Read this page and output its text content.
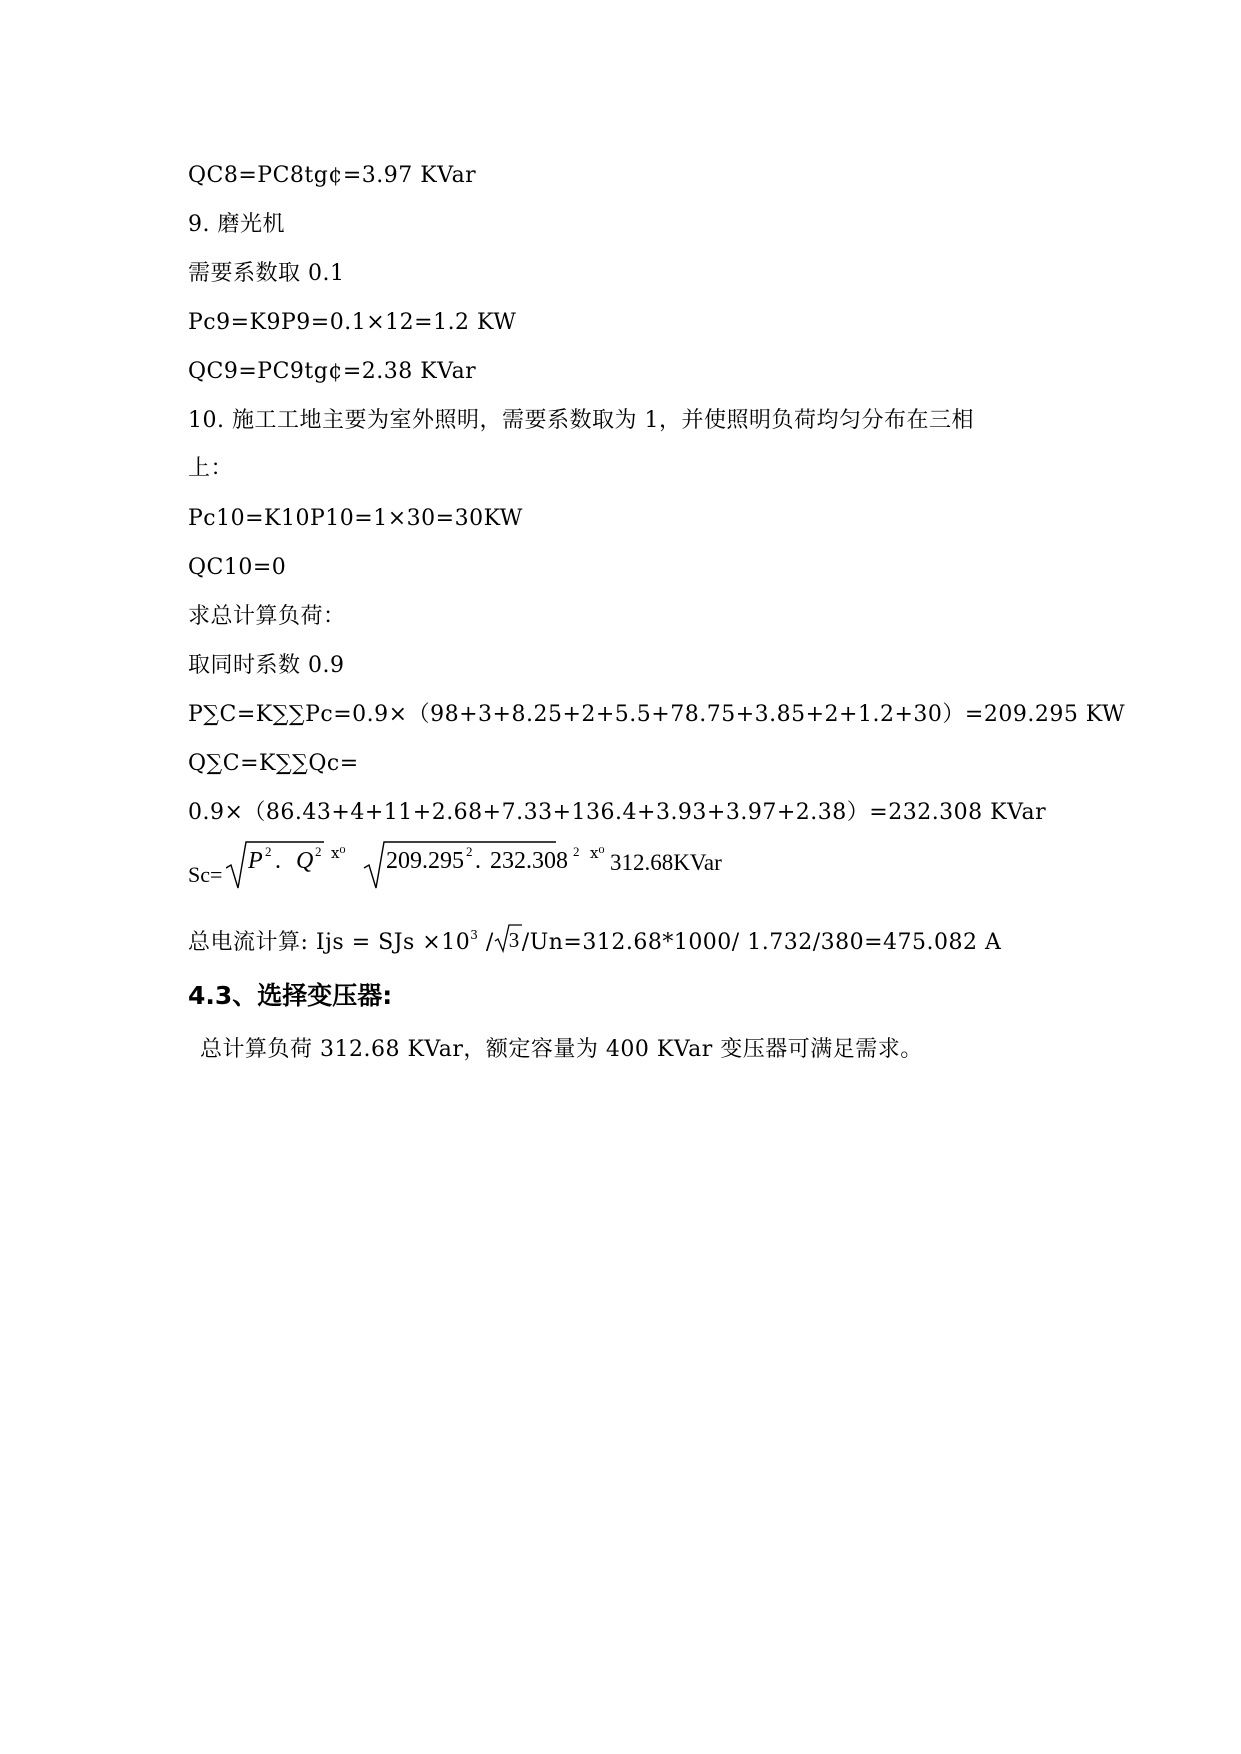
QC8=PC8tg¢=3.97 KVar
9. 磨光机
需要系数取 0.1
Pc9=K9P9=0.1×12=1.2 KW
QC9=PC9tg¢=2.38 KVar
10. 施工工地主要为室外照明，需要系数取为 1，并使照明负荷均匀分布在三相
上：
Pc10=K10P10=1×30=30KW
QC10=0
求总计算负荷：
取同时系数 0.9
P∑C=K∑∑Pc=0.9×（98+3+8.25+2+5.5+78.75+3.85+2+1.2+30）=209.295 KW
Q∑C=K∑∑Qc=
0.9×（86.43+4+11+2.68+7.33+136.4+3.93+3.97+2.38）=232.308 KVar
Sc=
P 2 . Q 2 ⅹ⁰ 209.295 2 . 232.308 2 ⅹ⁰ 312.68KVar
总电流计算: Ijs = SJs $\times 10^3 / 3$ /Un=312.68*1000/ 1.732/380=475.082 A
4.3、选择变压器:
总计算负荷 312.68 KVar，额定容量为 400 KVar 变压器可满足需求。
